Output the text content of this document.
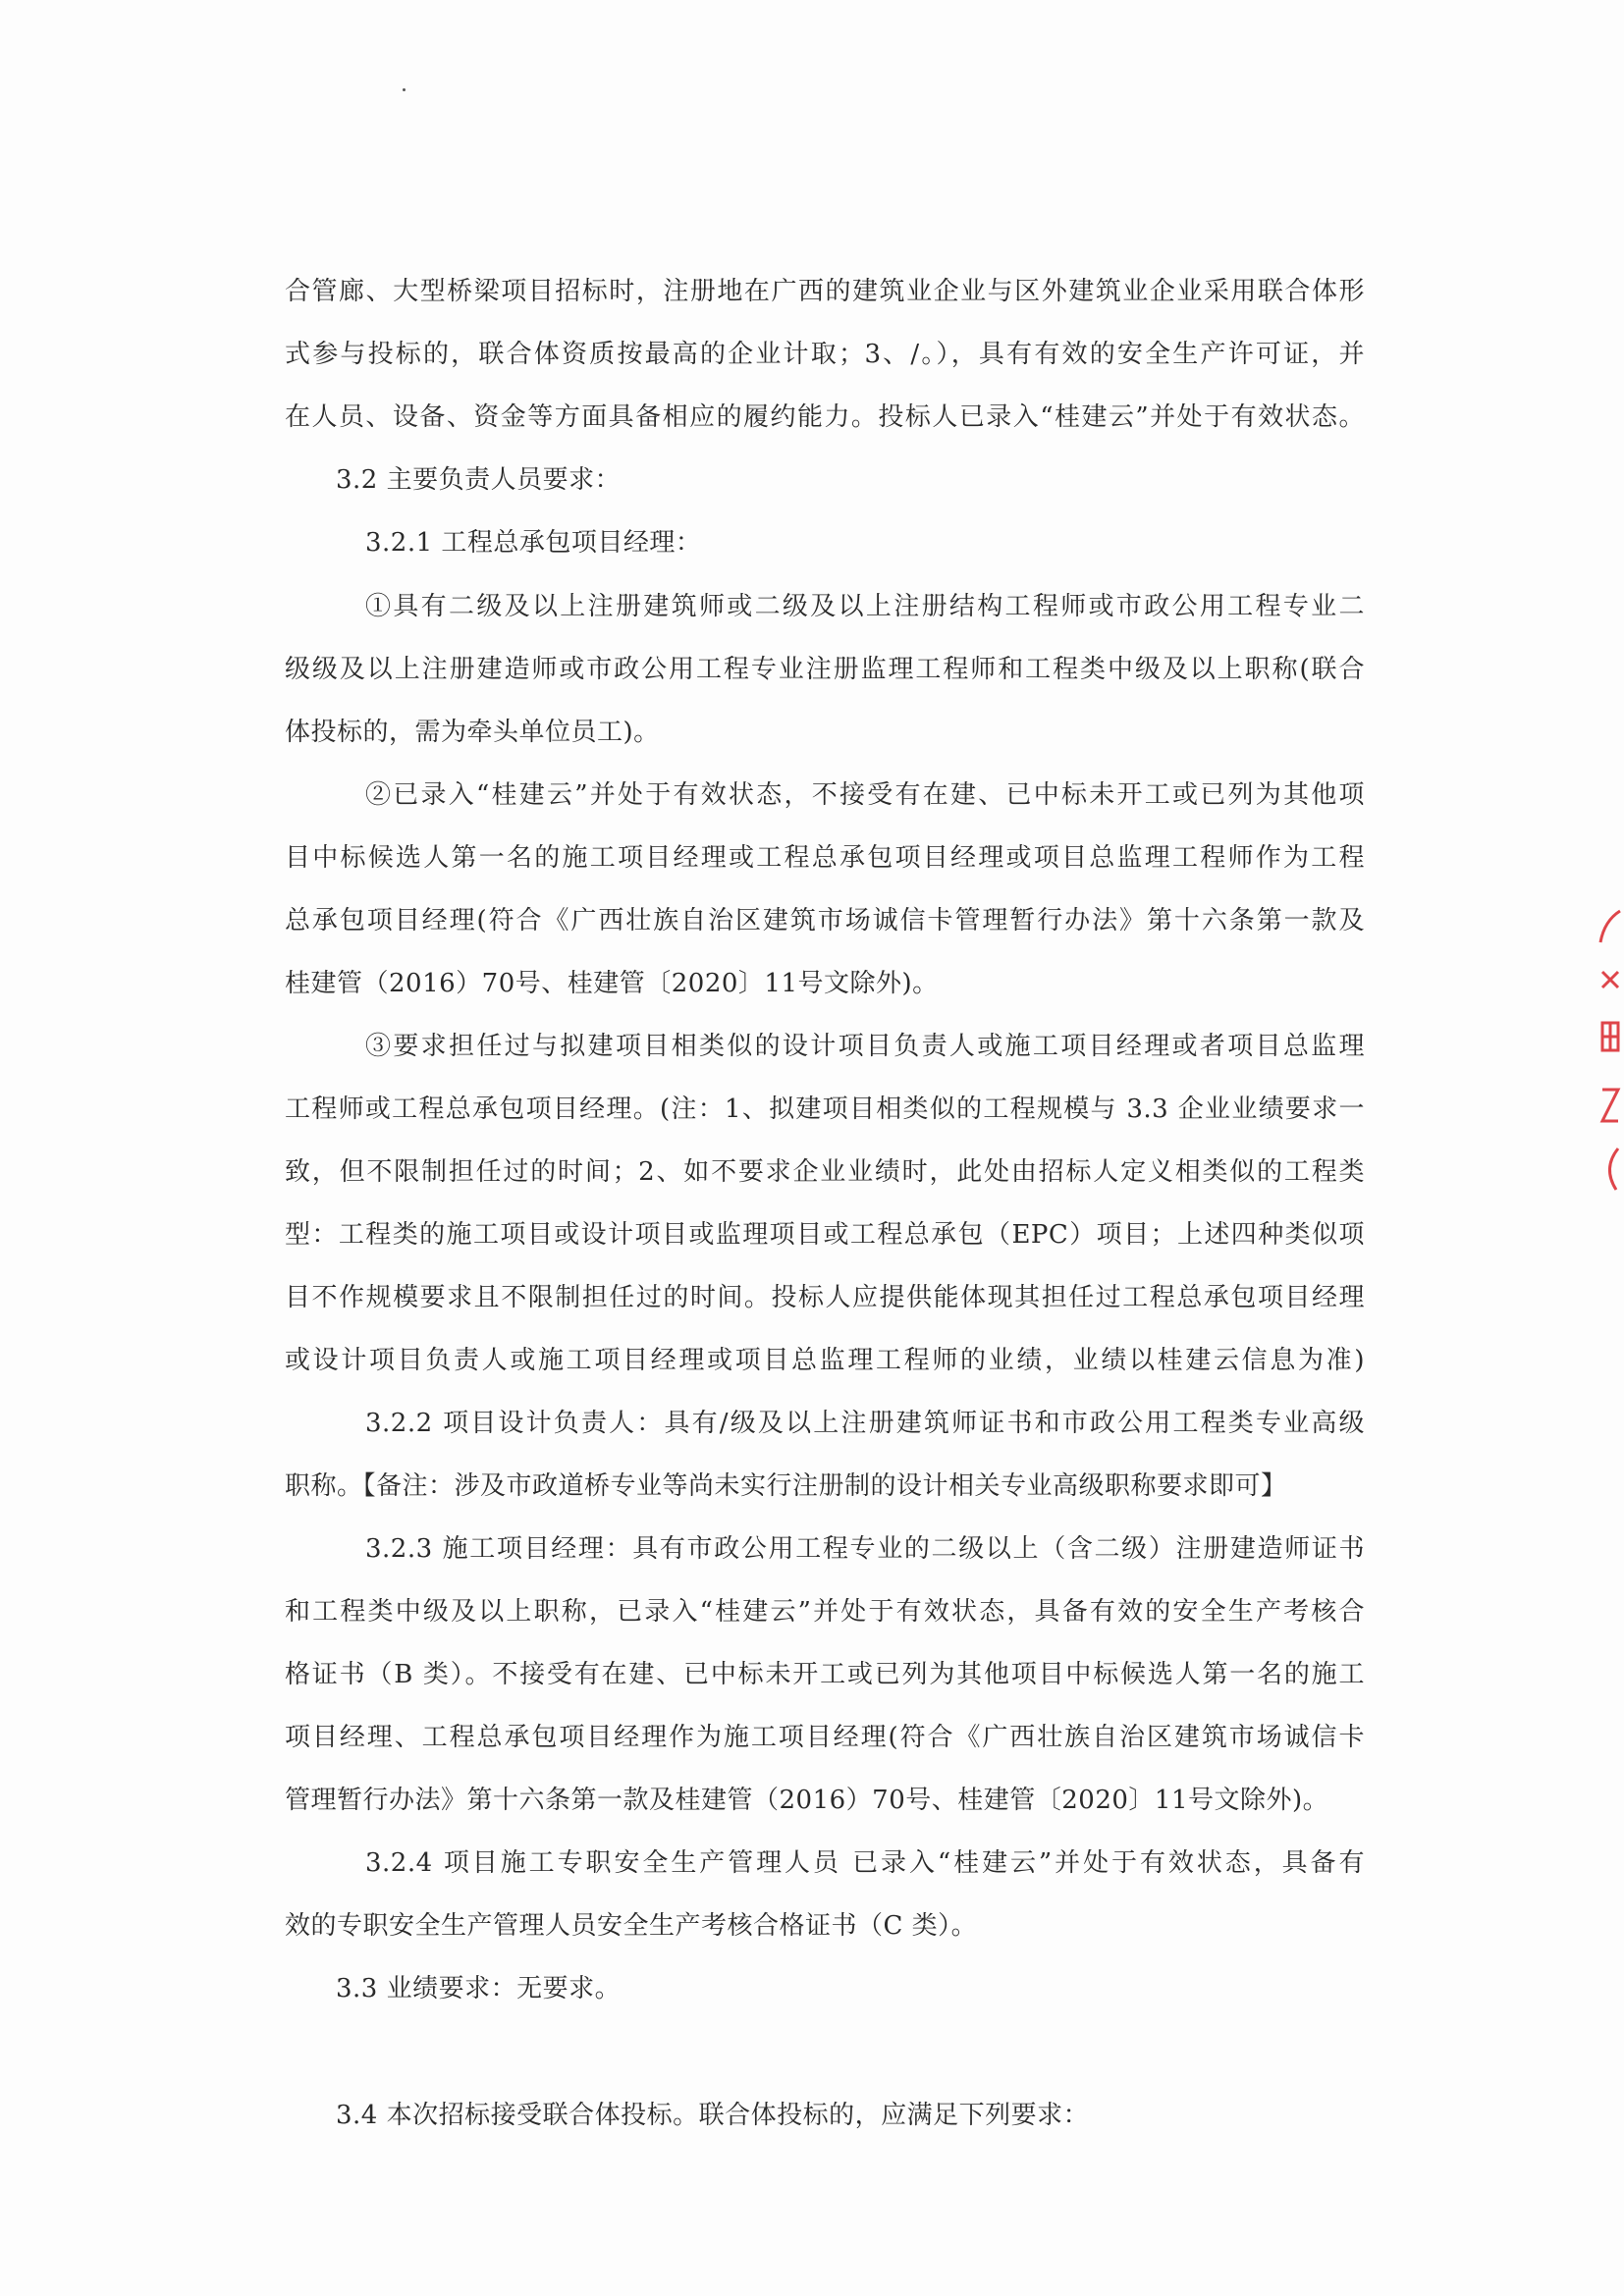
合管廊、大型桥梁项目招标时，注册地在广西的建筑业企业与区外建筑业企业采用联合体形
式参与投标的，联合体资质按最高的企业计取；3、/。），具有有效的安全生产许可证，并
在人员、设备、资金等方面具备相应的履约能力。投标人已录入“桂建云”并处于有效状态。
3.2 主要负责人员要求：
3.2.1 工程总承包项目经理：
①具有二级及以上注册建筑师或二级及以上注册结构工程师或市政公用工程专业二
级级及以上注册建造师或市政公用工程专业注册监理工程师和工程类中级及以上职称(联合
体投标的，需为牵头单位员工)。
②已录入“桂建云”并处于有效状态，不接受有在建、已中标未开工或已列为其他项
目中标候选人第一名的施工项目经理或工程总承包项目经理或项目总监理工程师作为工程
总承包项目经理(符合《广西壮族自治区建筑市场诚信卡管理暂行办法》第十六条第一款及
桂建管（2016）70号、桂建管〔2020〕11号文除外)。
③要求担任过与拟建项目相类似的设计项目负责人或施工项目经理或者项目总监理
工程师或工程总承包项目经理。(注：1、拟建项目相类似的工程规模与 3.3 企业业绩要求一
致，但不限制担任过的时间；2、如不要求企业业绩时，此处由招标人定义相类似的工程类
型：工程类的施工项目或设计项目或监理项目或工程总承包（EPC）项目；上述四种类似项
目不作规模要求且不限制担任过的时间。投标人应提供能体现其担任过工程总承包项目经理
或设计项目负责人或施工项目经理或项目总监理工程师的业绩，业绩以桂建云信息为准)
3.2.2 项目设计负责人：具有/级及以上注册建筑师证书和市政公用工程类专业高级
职称。【备注：涉及市政道桥专业等尚未实行注册制的设计相关专业高级职称要求即可】
3.2.3 施工项目经理：具有市政公用工程专业的二级以上（含二级）注册建造师证书
和工程类中级及以上职称，已录入“桂建云”并处于有效状态，具备有效的安全生产考核合
格证书（B 类）。不接受有在建、已中标未开工或已列为其他项目中标候选人第一名的施工
项目经理、工程总承包项目经理作为施工项目经理(符合《广西壮族自治区建筑市场诚信卡
管理暂行办法》第十六条第一款及桂建管（2016）70号、桂建管〔2020〕11号文除外)。
3.2.4 项目施工专职安全生产管理人员 已录入“桂建云”并处于有效状态，具备有
效的专职安全生产管理人员安全生产考核合格证书（C 类）。
3.3 业绩要求：无要求。
3.4 本次招标接受联合体投标。联合体投标的，应满足下列要求：
